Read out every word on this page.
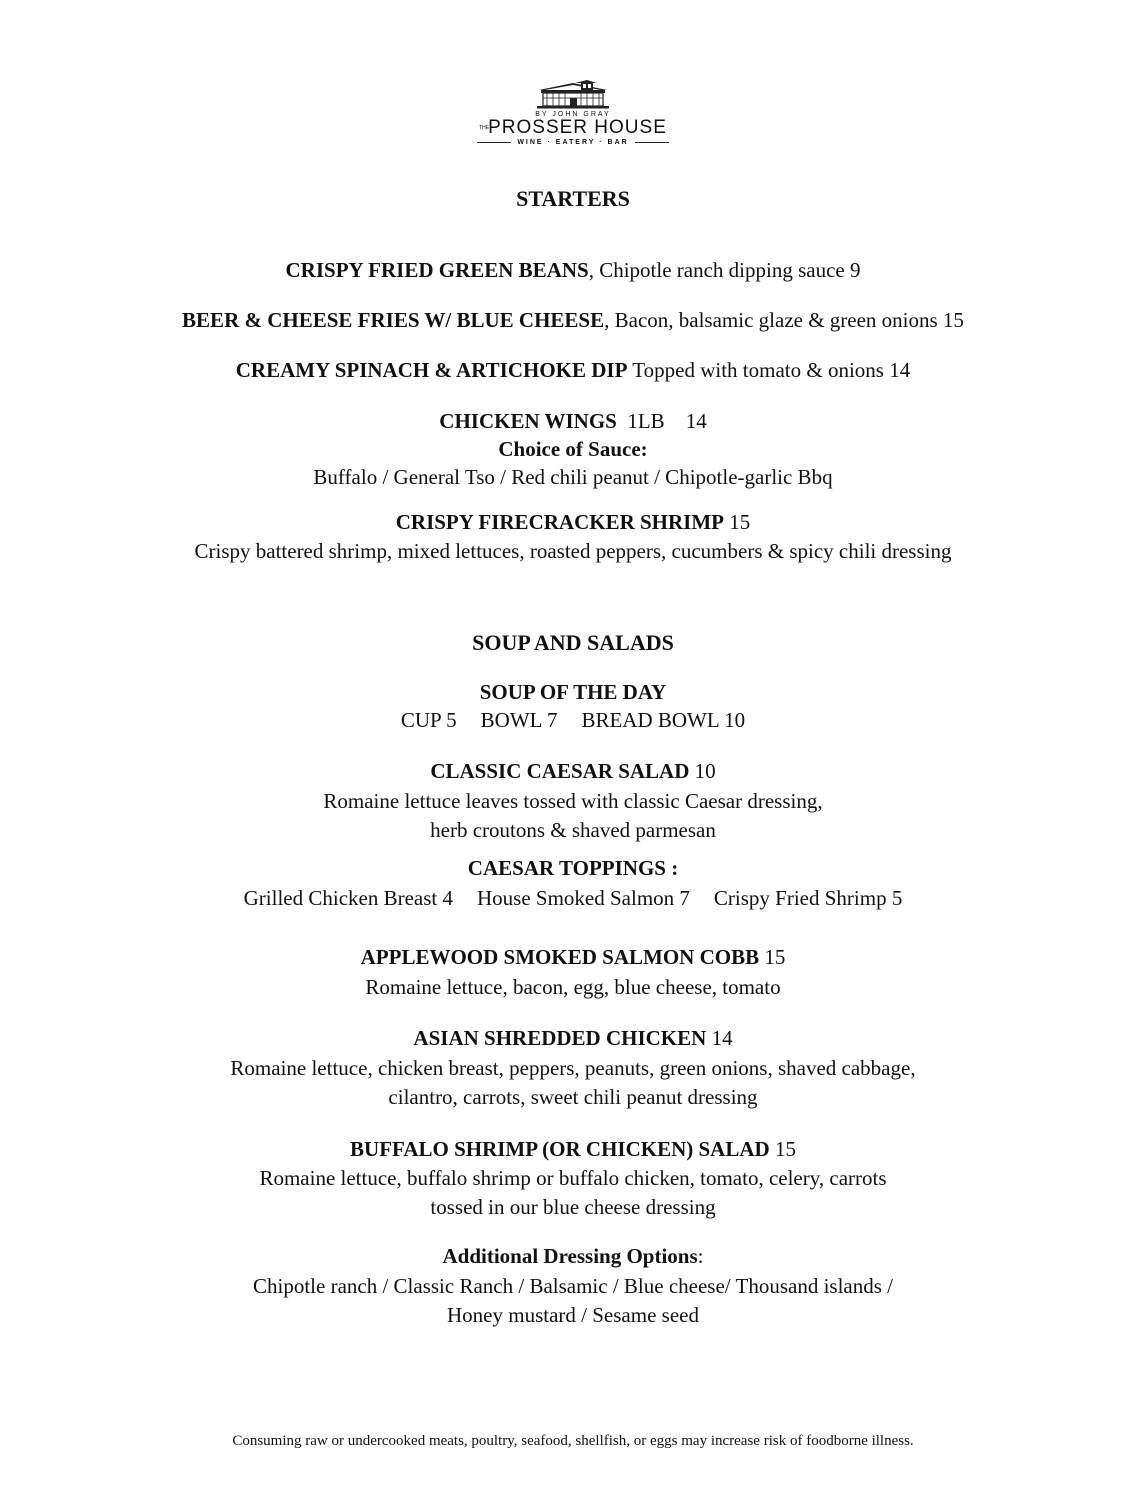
BY JOHN GRAY
THE PROSSER HOUSE
WINE · EATERY · BAR
STARTERS
CRISPY FRIED GREEN BEANS, Chipotle ranch dipping sauce 9
BEER & CHEESE FRIES W/ BLUE CHEESE, Bacon, balsamic glaze & green onions 15
CREAMY SPINACH & ARTICHOKE DIP Topped with tomato & onions 14
CHICKEN WINGS  1LB    14
Choice of Sauce:
Buffalo / General Tso / Red chili peanut / Chipotle-garlic Bbq
CRISPY FIRECRACKER SHRIMP 15
Crispy battered shrimp, mixed lettuces, roasted peppers, cucumbers & spicy chili dressing
SOUP AND SALADS
SOUP OF THE DAY
CUP 5 BOWL 7 BREAD BOWL 10
CLASSIC CAESAR SALAD 10
Romaine lettuce leaves tossed with classic Caesar dressing,
herb croutons & shaved parmesan
CAESAR TOPPINGS :
Grilled Chicken Breast 4 House Smoked Salmon 7 Crispy Fried Shrimp 5
APPLEWOOD SMOKED SALMON COBB 15
Romaine lettuce, bacon, egg, blue cheese, tomato
ASIAN SHREDDED CHICKEN 14
Romaine lettuce, chicken breast, peppers, peanuts, green onions, shaved cabbage,
cilantro, carrots, sweet chili peanut dressing
BUFFALO SHRIMP (OR CHICKEN) SALAD 15
Romaine lettuce, buffalo shrimp or buffalo chicken, tomato, celery, carrots
tossed in our blue cheese dressing
Additional Dressing Options:
Chipotle ranch / Classic Ranch / Balsamic / Blue cheese/ Thousand islands /
Honey mustard / Sesame seed
Consuming raw or undercooked meats, poultry, seafood, shellfish, or eggs may increase risk of foodborne illness.
